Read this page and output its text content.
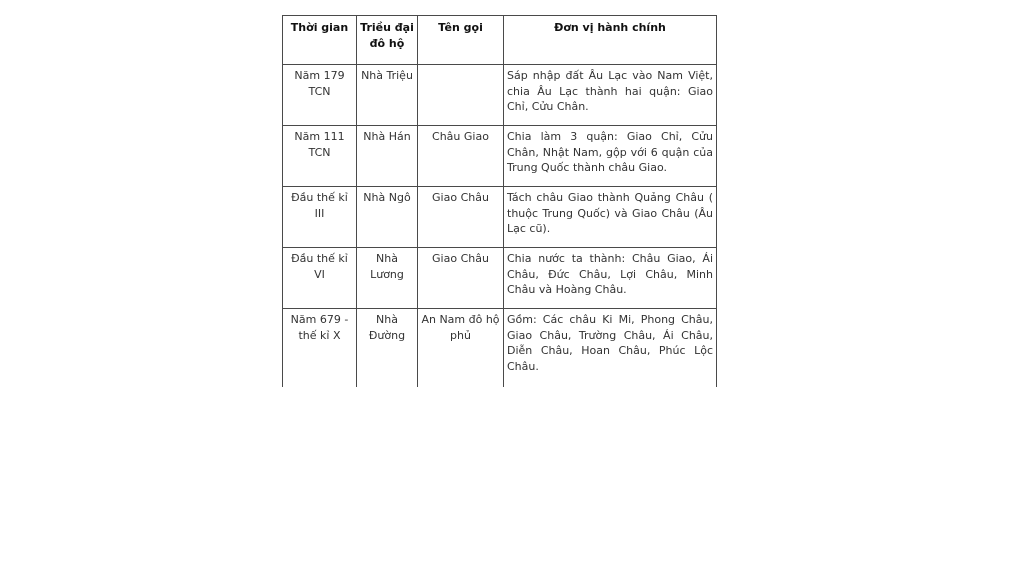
Thời gian	Triều đại đô hộ	Tên gọi	Đơn vị hành chính
Năm 179 TCN	Nhà Triệu		Sáp nhập đất Âu Lạc vào Nam Việt, chia Âu Lạc thành hai quận: Giao Chỉ, Cửu Chân.
Năm 111 TCN	Nhà Hán	Châu Giao	Chia làm 3 quận: Giao Chỉ, Cửu Chân, Nhật Nam, gộp với 6 quận của Trung Quốc thành châu Giao.
Đầu thế kỉ III	Nhà Ngô	Giao Châu	Tách châu Giao thành Quảng Châu ( thuộc Trung Quốc) và Giao Châu (Âu Lạc cũ).
Đầu thế kỉ VI	Nhà Lương	Giao Châu	Chia nước ta thành: Châu Giao, Ái Châu, Đức Châu, Lợi Châu, Minh Châu và Hoàng Châu.
Năm 679 - thế kỉ X	Nhà Đường	An Nam đô hộ phủ	Gồm: Các châu Ki Mi, Phong Châu, Giao Châu, Trường Châu, Ái Châu, Diễn Châu, Hoan Châu, Phúc Lộc Châu.
